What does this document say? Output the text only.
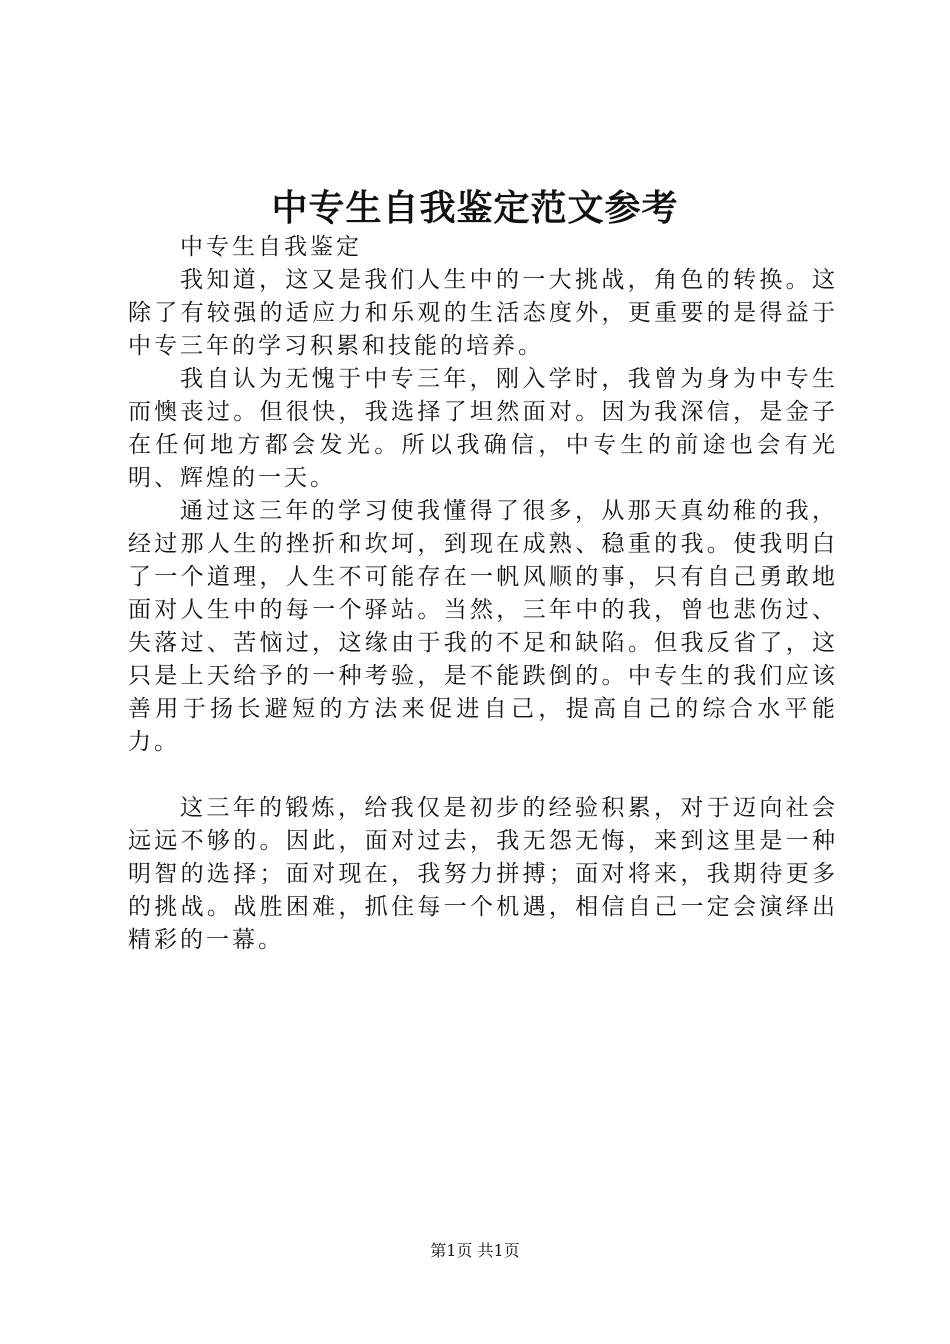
中专生自我鉴定范文参考

中专生自我鉴定

我知道，这又是我们人生中的一大挑战，角色的转换。这除了有较强的适应力和乐观的生活态度外，更重要的是得益于中专三年的学习积累和技能的培养。

我自认为无愧于中专三年，刚入学时，我曾为身为中专生而懊丧过。但很快，我选择了坦然面对。因为我深信，是金子在任何地方都会发光。所以我确信，中专生的前途也会有光明、辉煌的一天。

通过这三年的学习使我懂得了很多，从那天真幼稚的我，经过那人生的挫折和坎坷，到现在成熟、稳重的我。使我明白了一个道理，人生不可能存在一帆风顺的事，只有自己勇敢地面对人生中的每一个驿站。当然，三年中的我，曾也悲伤过、失落过、苦恼过，这缘由于我的不足和缺陷。但我反省了，这只是上天给予的一种考验，是不能跌倒的。中专生的我们应该善用于扬长避短的方法来促进自己，提高自己的综合水平能力。

这三年的锻炼，给我仅是初步的经验积累，对于迈向社会远远不够的。因此，面对过去，我无怨无悔，来到这里是一种明智的选择；面对现在，我努力拼搏；面对将来，我期待更多的挑战。战胜困难，抓住每一个机遇，相信自己一定会演绎出精彩的一幕。

第1页 共1页
